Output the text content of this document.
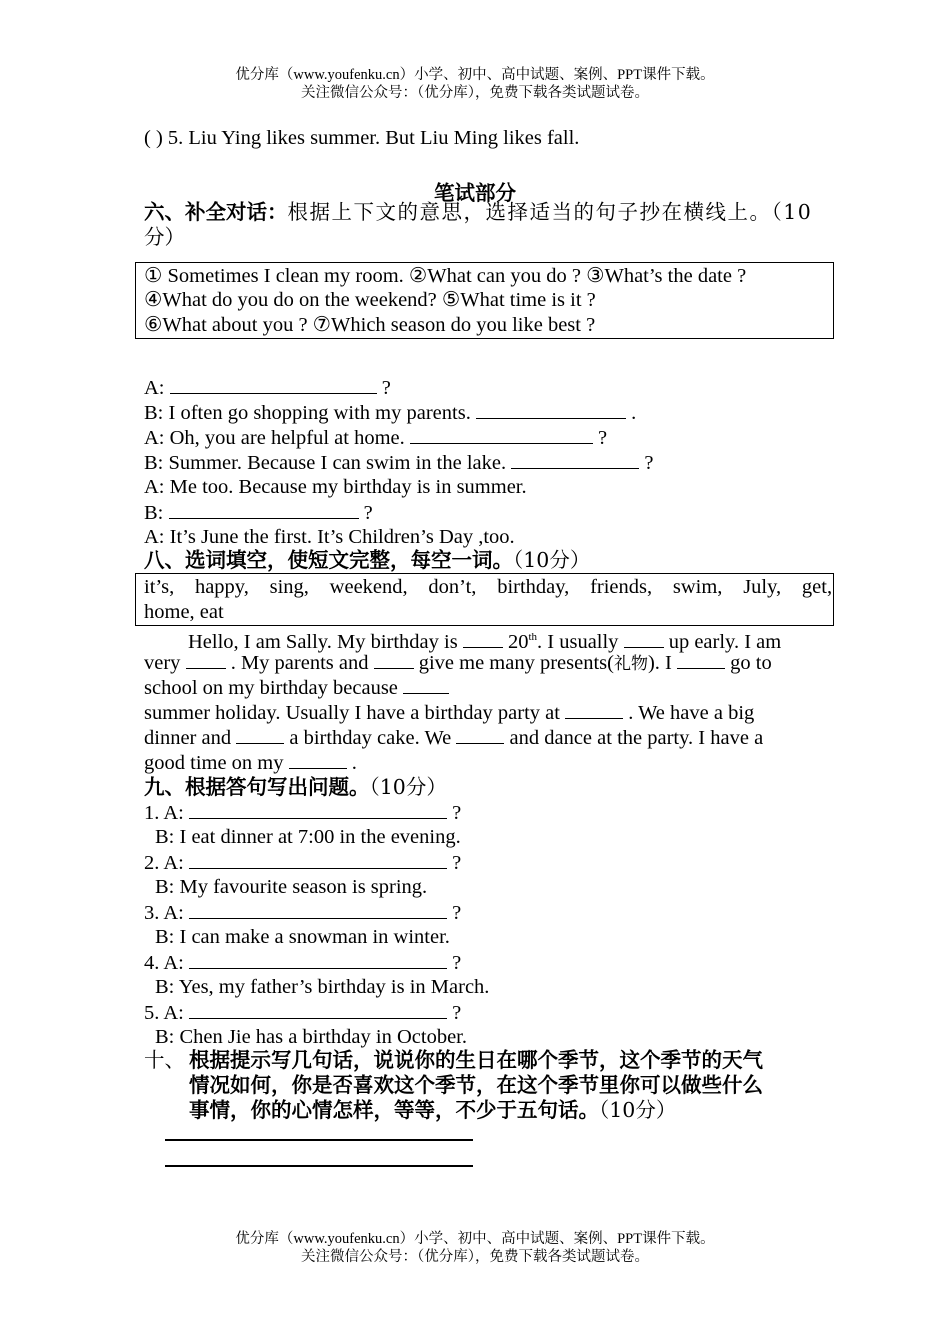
优分库（www.youfenku.cn）小学、初中、高中试题、案例、PPT课件下载。
关注微信公众号：（优分库），免费下载各类试题试卷。
( ) 5. Liu Ying likes summer. But Liu Ming likes fall.
笔试部分
六、补全对话：根据上下文的意思，选择适当的句子抄在横线上。（10
分）
① Sometimes I clean my room. ②What can you do ? ③What’s the date ?
④What do you do on the weekend? ⑤What time is it ?
⑥What about you ? ⑦Which season do you like best ?
A:	?
B: I often go shopping with my parents.	.
A: Oh, you are helpful at home.	?
B: Summer. Because I can swim in the lake.	?
A: Me too. Because my birthday is in summer.
B:	?
A: It’s June the first. It’s Children’s Day ,too.
八、选词填空，使短文完整，每空一词。（10分）
it’s, happy, sing, weekend, don’t, birthday, friends, swim, July, get,
home, eat
Hello, I am Sally. My birthday is  20th. I usually  up early. I am
very  . My parents and  give me many presents(礼物). I  go to
school on my birthday because
summer holiday. Usually I have a birthday party at	. We have a big
dinner and  a birthday cake. We  and dance at the party. I have a
good time on my	.
九、根据答句写出问题。（10分）
1. A:	?
B: I eat dinner at 7:00 in the evening.
2. A:	?
B: My favourite season is spring.
3. A:	?
B: I can make a snowman in winter.
4. A:	?
B: Yes, my father’s birthday is in March.
5. A:	?
B: Chen Jie has a birthday in October.
十、 根据提示写几句话，说说你的生日在哪个季节，这个季节的天气
情况如何，你是否喜欢这个季节，在这个季节里你可以做些什么
事情，你的心情怎样，等等，不少于五句话。（10分）
优分库（www.youfenku.cn）小学、初中、高中试题、案例、PPT课件下载。
关注微信公众号：（优分库），免费下载各类试题试卷。
